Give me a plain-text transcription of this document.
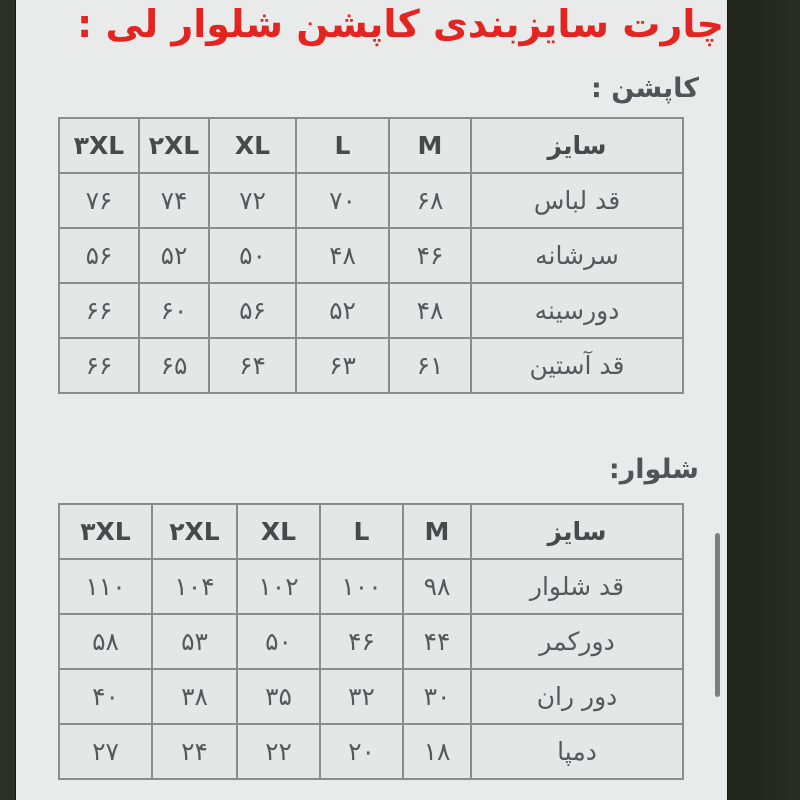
چارت سایزبندی کاپشن شلوار لی :
کاپشن :
سایز	M	L	XL	۲XL	۳XL
قد لباس	۶۸	۷۰	۷۲	۷۴	۷۶
سرشانه	۴۶	۴۸	۵۰	۵۲	۵۶
دورسینه	۴۸	۵۲	۵۶	۶۰	۶۶
قد آستین	۶۱	۶۳	۶۴	۶۵	۶۶
شلوار:
سایز	M	L	XL	۲XL	۳XL
قد شلوار	۹۸	۱۰۰	۱۰۲	۱۰۴	۱۱۰
دورکمر	۴۴	۴۶	۵۰	۵۳	۵۸
دور ران	۳۰	۳۲	۳۵	۳۸	۴۰
دمپا	۱۸	۲۰	۲۲	۲۴	۲۷
